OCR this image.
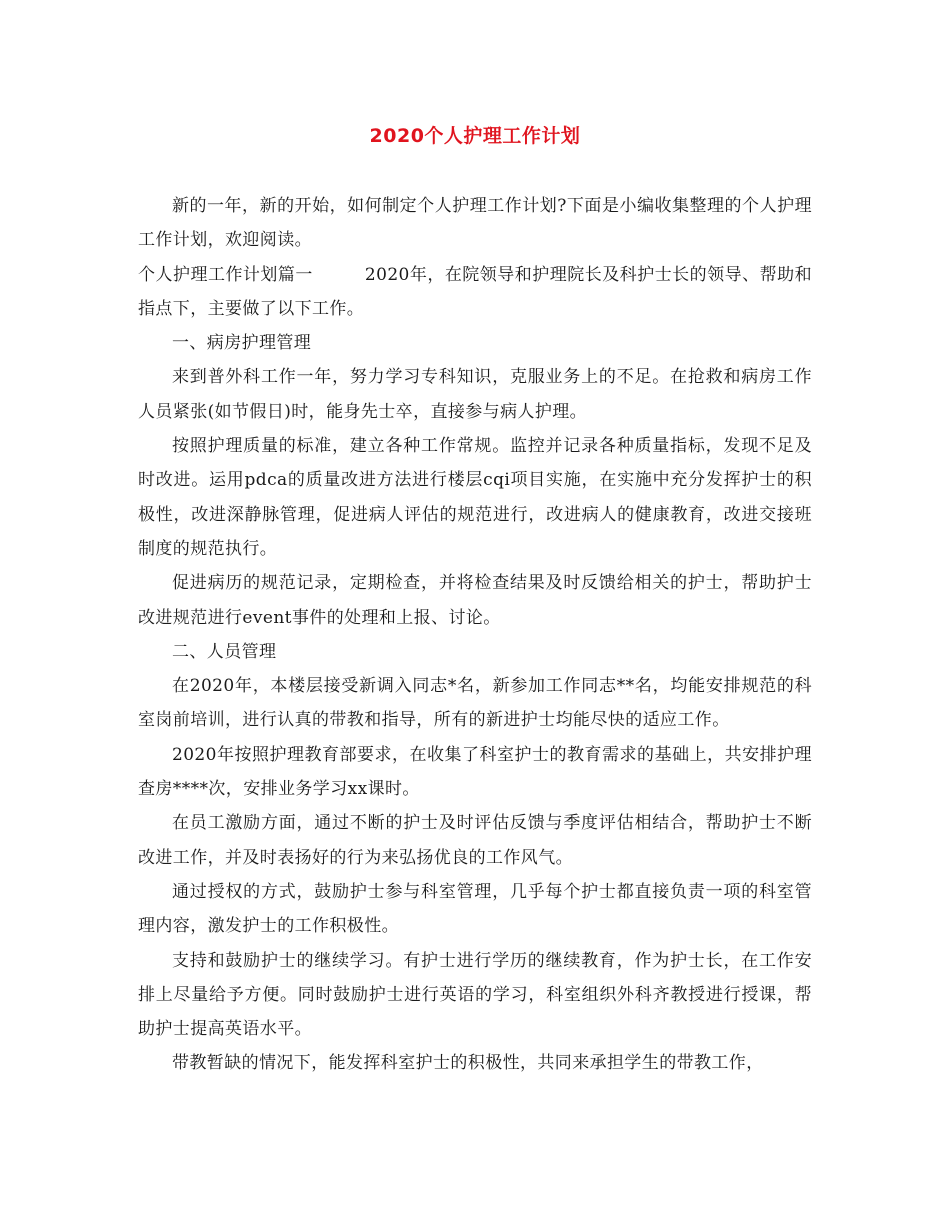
2020个人护理工作计划

新的一年，新的开始，如何制定个人护理工作计划?下面是小编收集整理的个人护理工作计划，欢迎阅读。

个人护理工作计划篇一	2020年，在院领导和护理院长及科护士长的领导、帮助和指点下，主要做了以下工作。

一、病房护理管理

来到普外科工作一年，努力学习专科知识，克服业务上的不足。在抢救和病房工作人员紧张(如节假日)时，能身先士卒，直接参与病人护理。

按照护理质量的标准，建立各种工作常规。监控并记录各种质量指标，发现不足及时改进。运用pdca的质量改进方法进行楼层cqi项目实施，在实施中充分发挥护士的积极性，改进深静脉管理，促进病人评估的规范进行，改进病人的健康教育，改进交接班制度的规范执行。

促进病历的规范记录，定期检查，并将检查结果及时反馈给相关的护士，帮助护士改进规范进行event事件的处理和上报、讨论。

二、人员管理

在2020年，本楼层接受新调入同志*名，新参加工作同志**名，均能安排规范的科室岗前培训，进行认真的带教和指导，所有的新进护士均能尽快的适应工作。

2020年按照护理教育部要求，在收集了科室护士的教育需求的基础上，共安排护理查房****次，安排业务学习xx课时。

在员工激励方面，通过不断的护士及时评估反馈与季度评估相结合，帮助护士不断改进工作，并及时表扬好的行为来弘扬优良的工作风气。

通过授权的方式，鼓励护士参与科室管理，几乎每个护士都直接负责一项的科室管理内容，激发护士的工作积极性。

支持和鼓励护士的继续学习。有护士进行学历的继续教育，作为护士长，在工作安排上尽量给予方便。同时鼓励护士进行英语的学习，科室组织外科齐教授进行授课，帮助护士提高英语水平。

带教暂缺的情况下，能发挥科室护士的积极性，共同来承担学生的带教工作，
